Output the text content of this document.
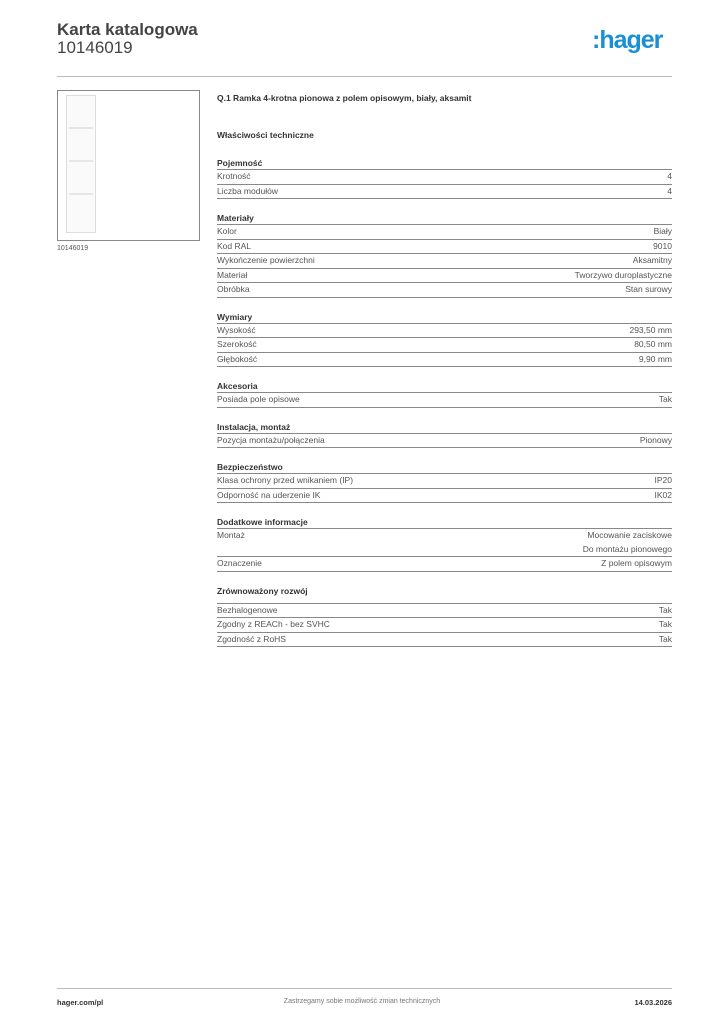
Karta katalogowa
10146019	:hager
10146019
Q.1 Ramka 4-krotna pionowa z polem opisowym, biały, aksamit
Właściwości techniczne
Pojemność
Krotność	4
Liczba modułów	4
Materiały
Kolor	Biały
Kod RAL	9010
Wykończenie powierzchni	Aksamitny
Materiał	Tworzywo duroplastyczne
Obróbka	Stan surowy
Wymiary
Wysokość	293,50 mm
Szerokość	80,50 mm
Głębokość	9,90 mm
Akcesoria
Posiada pole opisowe	Tak
Instalacja, montaż
Pozycja montażu/połączenia	Pionowy
Bezpieczeństwo
Klasa ochrony przed wnikaniem (IP)	IP20
Odporność na uderzenie IK	IK02
Dodatkowe informacje
Montaż	Mocowanie zaciskowe
Do montażu pionowego
Oznaczenie	Z polem opisowym
Zrównoważony rozwój
Bezhalogenowe	Tak
Zgodny z REACh - bez SVHC	Tak
Zgodność z RoHS	Tak
hager.com/pl	Zastrzegamy sobie możliwość zmian technicznych	14.03.2026
